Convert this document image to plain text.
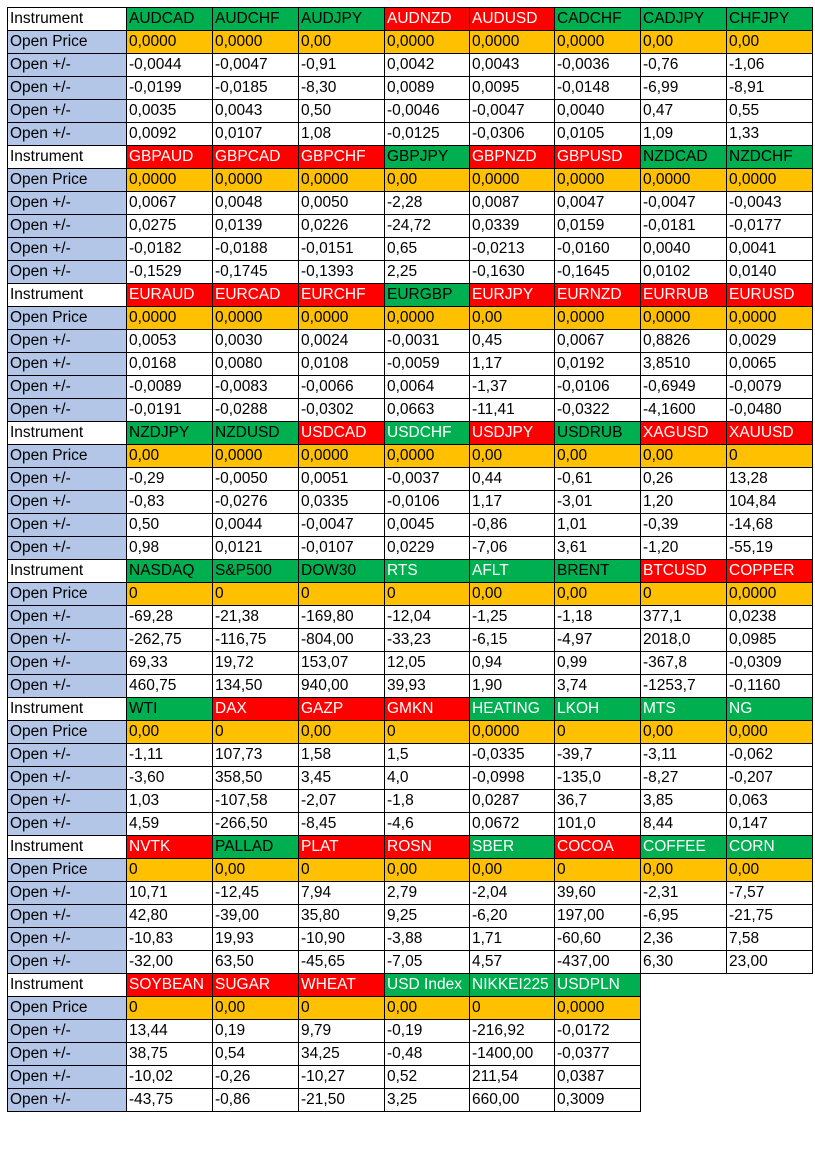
Instrument	AUDCAD	AUDCHF	AUDJPY	AUDNZD	AUDUSD	CADCHF	CADJPY	CHFJPY
Open Price	0,0000	0,0000	0,00	0,0000	0,0000	0,0000	0,00	0,00
Open +/-	-0,0044	-0,0047	-0,91	0,0042	0,0043	-0,0036	-0,76	-1,06
Open +/-	-0,0199	-0,0185	-8,30	0,0089	0,0095	-0,0148	-6,99	-8,91
Open +/-	0,0035	0,0043	0,50	-0,0046	-0,0047	0,0040	0,47	0,55
Open +/-	0,0092	0,0107	1,08	-0,0125	-0,0306	0,0105	1,09	1,33
Instrument	GBPAUD	GBPCAD	GBPCHF	GBPJPY	GBPNZD	GBPUSD	NZDCAD	NZDCHF
Open Price	0,0000	0,0000	0,0000	0,00	0,0000	0,0000	0,0000	0,0000
Open +/-	0,0067	0,0048	0,0050	-2,28	0,0087	0,0047	-0,0047	-0,0043
Open +/-	0,0275	0,0139	0,0226	-24,72	0,0339	0,0159	-0,0181	-0,0177
Open +/-	-0,0182	-0,0188	-0,0151	0,65	-0,0213	-0,0160	0,0040	0,0041
Open +/-	-0,1529	-0,1745	-0,1393	2,25	-0,1630	-0,1645	0,0102	0,0140
Instrument	EURAUD	EURCAD	EURCHF	EURGBP	EURJPY	EURNZD	EURRUB	EURUSD
Open Price	0,0000	0,0000	0,0000	0,0000	0,00	0,0000	0,0000	0,0000
Open +/-	0,0053	0,0030	0,0024	-0,0031	0,45	0,0067	0,8826	0,0029
Open +/-	0,0168	0,0080	0,0108	-0,0059	1,17	0,0192	3,8510	0,0065
Open +/-	-0,0089	-0,0083	-0,0066	0,0064	-1,37	-0,0106	-0,6949	-0,0079
Open +/-	-0,0191	-0,0288	-0,0302	0,0663	-11,41	-0,0322	-4,1600	-0,0480
Instrument	NZDJPY	NZDUSD	USDCAD	USDCHF	USDJPY	USDRUB	XAGUSD	XAUUSD
Open Price	0,00	0,0000	0,0000	0,0000	0,00	0,00	0,00	0
Open +/-	-0,29	-0,0050	0,0051	-0,0037	0,44	-0,61	0,26	13,28
Open +/-	-0,83	-0,0276	0,0335	-0,0106	1,17	-3,01	1,20	104,84
Open +/-	0,50	0,0044	-0,0047	0,0045	-0,86	1,01	-0,39	-14,68
Open +/-	0,98	0,0121	-0,0107	0,0229	-7,06	3,61	-1,20	-55,19
Instrument	NASDAQ	S&P500	DOW30	RTS	AFLT	BRENT	BTCUSD	COPPER
Open Price	0	0	0	0	0,00	0,00	0	0,0000
Open +/-	-69,28	-21,38	-169,80	-12,04	-1,25	-1,18	377,1	0,0238
Open +/-	-262,75	-116,75	-804,00	-33,23	-6,15	-4,97	2018,0	0,0985
Open +/-	69,33	19,72	153,07	12,05	0,94	0,99	-367,8	-0,0309
Open +/-	460,75	134,50	940,00	39,93	1,90	3,74	-1253,7	-0,1160
Instrument	WTI	DAX	GAZP	GMKN	HEATING	LKOH	MTS	NG
Open Price	0,00	0	0,00	0	0,0000	0	0,00	0,000
Open +/-	-1,11	107,73	1,58	1,5	-0,0335	-39,7	-3,11	-0,062
Open +/-	-3,60	358,50	3,45	4,0	-0,0998	-135,0	-8,27	-0,207
Open +/-	1,03	-107,58	-2,07	-1,8	0,0287	36,7	3,85	0,063
Open +/-	4,59	-266,50	-8,45	-4,6	0,0672	101,0	8,44	0,147
Instrument	NVTK	PALLAD	PLAT	ROSN	SBER	COCOA	COFFEE	CORN
Open Price	0	0,00	0	0,00	0,00	0	0,00	0,00
Open +/-	10,71	-12,45	7,94	2,79	-2,04	39,60	-2,31	-7,57
Open +/-	42,80	-39,00	35,80	9,25	-6,20	197,00	-6,95	-21,75
Open +/-	-10,83	19,93	-10,90	-3,88	1,71	-60,60	2,36	7,58
Open +/-	-32,00	63,50	-45,65	-7,05	4,57	-437,00	6,30	23,00
Instrument	SOYBEAN	SUGAR	WHEAT	USD Index	NIKKEI225	USDPLN		
Open Price	0	0,00	0	0,00	0	0,0000		
Open +/-	13,44	0,19	9,79	-0,19	-216,92	-0,0172		
Open +/-	38,75	0,54	34,25	-0,48	-1400,00	-0,0377		
Open +/-	-10,02	-0,26	-10,27	0,52	211,54	0,0387		
Open +/-	-43,75	-0,86	-21,50	3,25	660,00	0,3009		
